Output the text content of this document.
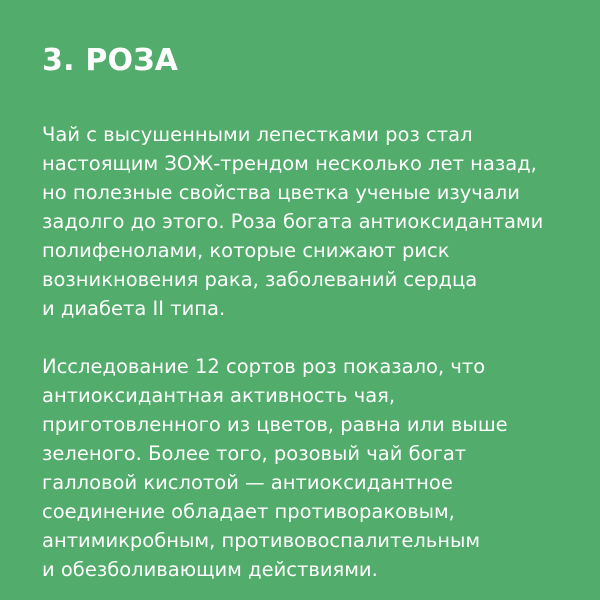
3. РОЗА

Чай с высушенными лепестками роз стал
настоящим ЗОЖ-трендом несколько лет назад,
но полезные свойства цветка ученые изучали
задолго до этого. Роза богата антиоксидантами
полифенолами, которые снижают риск
возникновения рака, заболеваний сердца
и диабета II типа.

Исследование 12 сортов роз показало, что
антиоксидантная активность чая,
приготовленного из цветов, равна или выше
зеленого. Более того, розовый чай богат
галловой кислотой — антиоксидантное
соединение обладает противораковым,
антимикробным, противовоспалительным
и обезболивающим действиями.
